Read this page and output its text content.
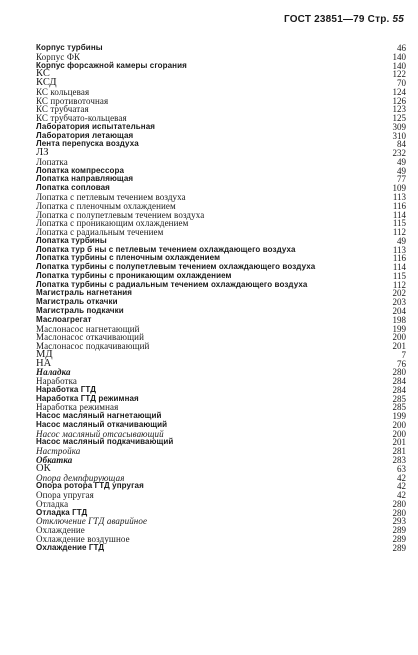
ГОСТ 23851—79 Стр. 55
Корпус турбины	46
Корпус ФК	140
Корпус форсажной камеры сгорания	140
КС	122
КСД	70
КС кольцевая	124
КС противоточная	126
КС трубчатая	123
КС трубчато-кольцевая	125
Лаборатория испытательная	309
Лаборатория летающая	310
Лента перепуска воздуха	84
ЛЗ	232
Лопатка	49
Лопатка компрессора	49
Лопатка направляющая	77
Лопатка сопловая	109
Лопатка с петлевым течением воздуха	113
Лопатка с пленочным охлаждением	116
Лопатка с полупетлевым течением воздуха	114
Лопатка с проникающим охлаждением	115
Лопатка с радиальным течением	112
Лопатка турбины	49
Лопатка тур б ны с петлевым течением охлаждающего воздуха	113
Лопатка турбины с пленочным охлаждением	116
Лопатка турбины с полупетлевым течением охлаждающего воздуха	114
Лопатка турбины с проникающим охлаждением	115
Лопатка турбины с радиальным течением охлаждающего воздуха	112
Магистраль нагнетания	202
Магистраль откачки	203
Магистраль подкачки	204
Маслоагрегат	198
Маслонасос нагнетающий	199
Маслонасос откачивающий	200
Маслонасос подкачивающий	201
МД	7
НА	76
Наладка	280
Наработка	284
Наработка ГТД	284
Наработка ГТД режимная	285
Наработка режимная	285
Насос масляный нагнетающий	199
Насос масляный откачивающий	200
Насос масляный отсасывающий	200
Насос масляный подкачивающий	201
Настройка	281
Обкатка	283
ОК	63
Опора демпфирующая	42
Опора ротора ГТД упругая	42
Опора упругая	42
Отладка	280
Отладка ГТД	280
Отключение ГТД аварийное	293
Охлаждение	289
Охлаждение воздушное	289
Охлаждение ГТД	289
